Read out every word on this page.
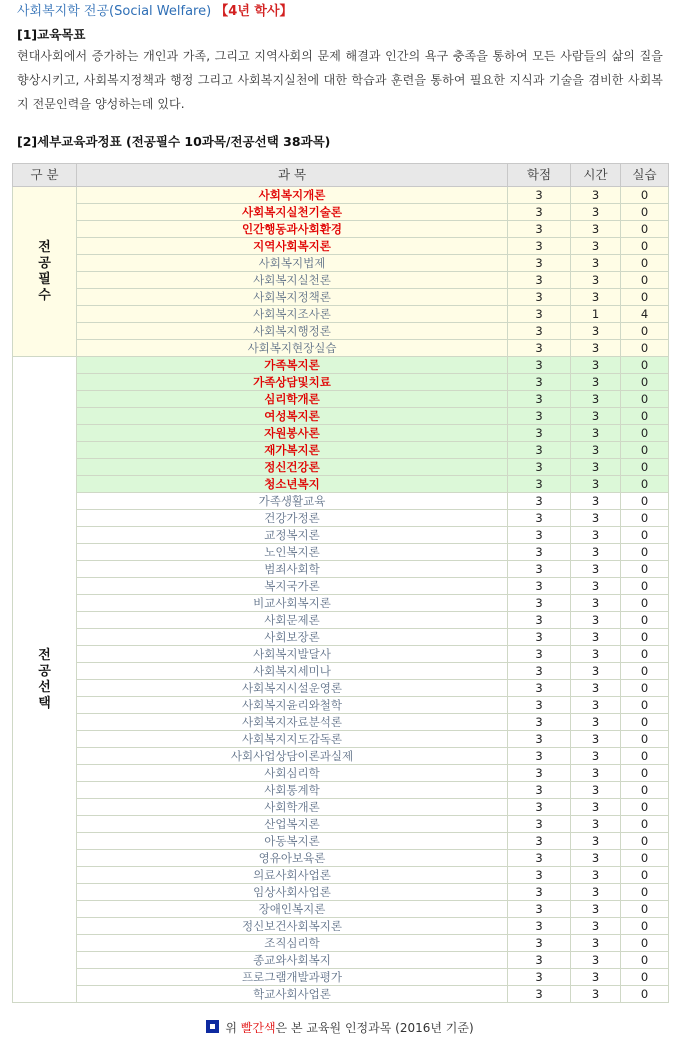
사회복지학 전공(Social Welfare) 【4년 학사】
[1]교육목표
현대사회에서 증가하는 개인과 가족, 그리고 지역사회의 문제 해결과 인간의 욕구 충족을 통하여 모든 사람들의 삶의 질을 향상시키고, 사회복지정책과 행정 그리고 사회복지실천에 대한 학습과 훈련을 통하여 필요한 지식과 기술을 겸비한 사회복지 전문인력을 양성하는데 있다.
[2]세부교육과정표 (전공필수 10과목/전공선택 38과목)
구 분	과 목	학점	시간	실습
전
공
필
수	사회복지개론	3	3	0
	사회복지실천기술론	3	3	0
	인간행동과사회환경	3	3	0
	지역사회복지론	3	3	0
	사회복지법제	3	3	0
	사회복지실천론	3	3	0
	사회복지정책론	3	3	0
	사회복지조사론	3	1	4
	사회복지행정론	3	3	0
	사회복지현장실습	3	3	0
전
공
선
택	가족복지론	3	3	0
	가족상담및치료	3	3	0
	심리학개론	3	3	0
	여성복지론	3	3	0
	자원봉사론	3	3	0
	재가복지론	3	3	0
	정신건강론	3	3	0
	청소년복지	3	3	0
	가족생활교육	3	3	0
	건강가정론	3	3	0
	교정복지론	3	3	0
	노인복지론	3	3	0
	범죄사회학	3	3	0
	복지국가론	3	3	0
	비교사회복지론	3	3	0
	사회문제론	3	3	0
	사회보장론	3	3	0
	사회복지발달사	3	3	0
	사회복지세미나	3	3	0
	사회복지시설운영론	3	3	0
	사회복지윤리와철학	3	3	0
	사회복지자료분석론	3	3	0
	사회복지지도감독론	3	3	0
	사회사업상담이론과실제	3	3	0
	사회심리학	3	3	0
	사회통계학	3	3	0
	사회학개론	3	3	0
	산업복지론	3	3	0
	아동복지론	3	3	0
	영유아보육론	3	3	0
	의료사회사업론	3	3	0
	임상사회사업론	3	3	0
	장애인복지론	3	3	0
	정신보건사회복지론	3	3	0
	조직심리학	3	3	0
	종교와사회복지	3	3	0
	프로그램개발과평가	3	3	0
	학교사회사업론	3	3	0
위 빨간색은 본 교육원 인정과목 (2016년 기준)
